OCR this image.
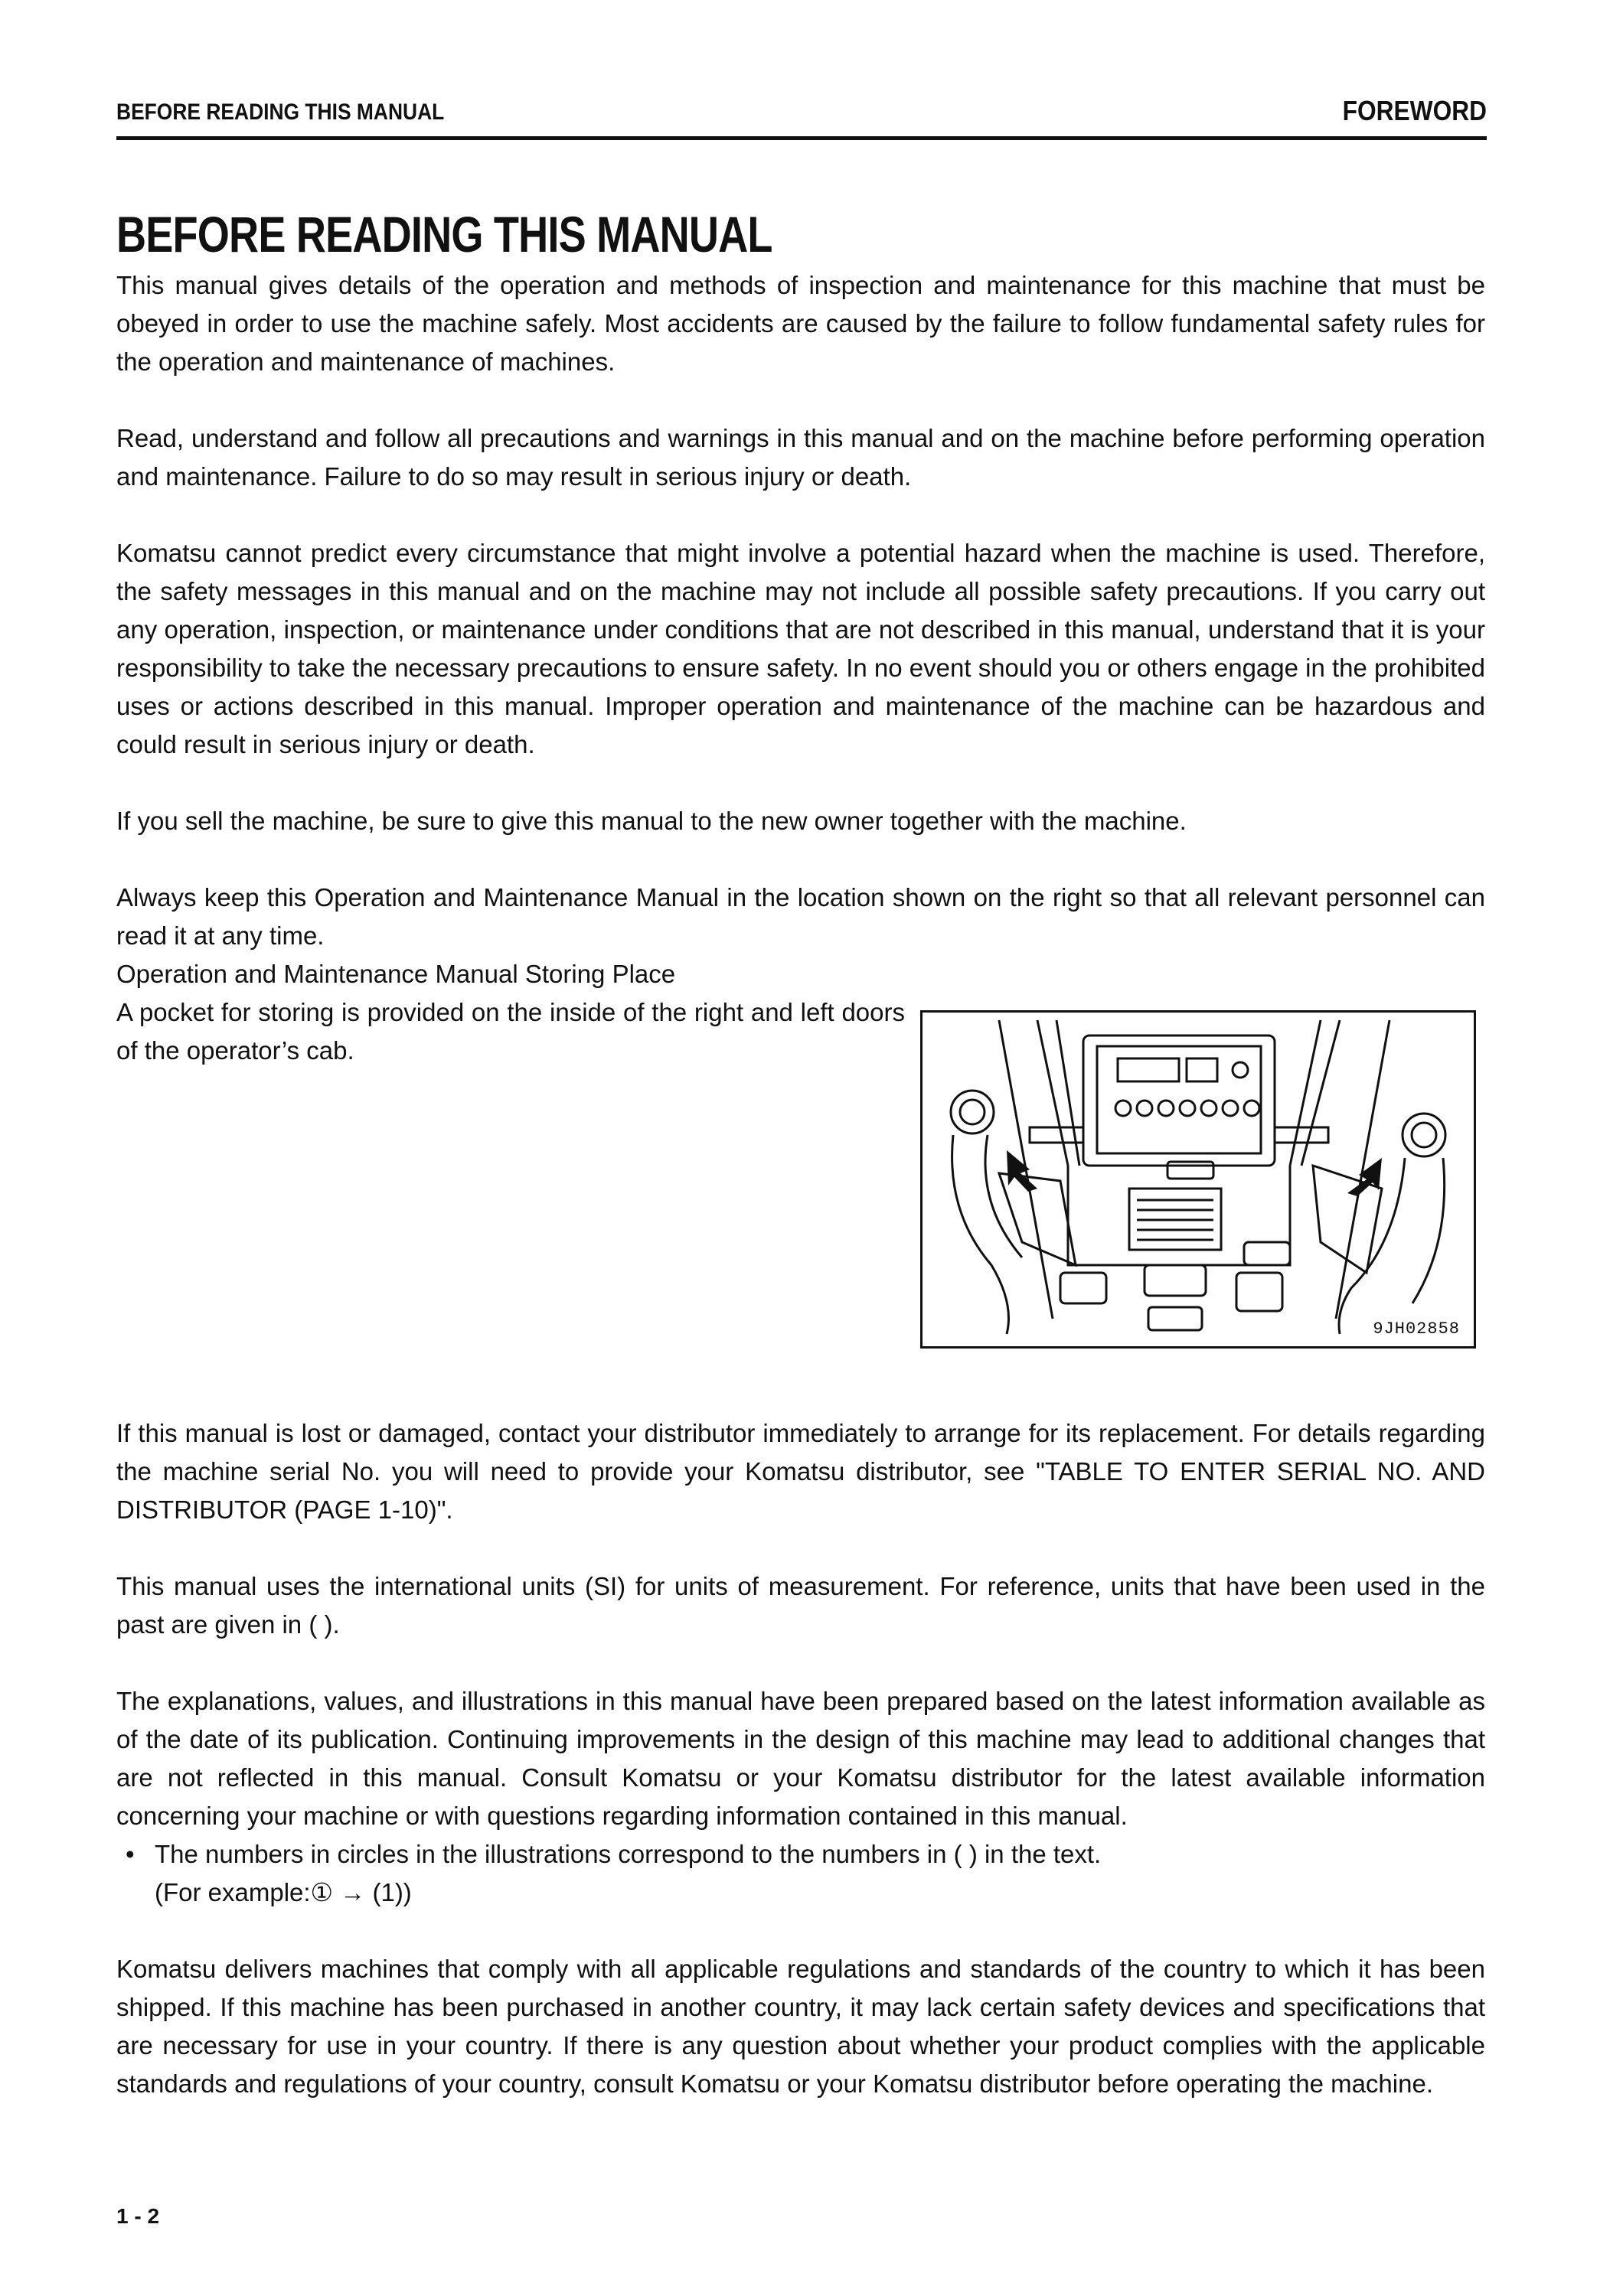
BEFORE READING THIS MANUAL	FOREWORD
BEFORE READING THIS MANUAL

This manual gives details of the operation and methods of inspection and maintenance for this machine that must be obeyed in order to use the machine safely. Most accidents are caused by the failure to follow fundamental safety rules for the operation and maintenance of machines.

Read, understand and follow all precautions and warnings in this manual and on the machine before performing operation and maintenance. Failure to do so may result in serious injury or death.

Komatsu cannot predict every circumstance that might involve a potential hazard when the machine is used. Therefore, the safety messages in this manual and on the machine may not include all possible safety precautions. If you carry out any operation, inspection, or maintenance under conditions that are not described in this manual, understand that it is your responsibility to take the necessary precautions to ensure safety. In no event should you or others engage in the prohibited uses or actions described in this manual. Improper operation and maintenance of the machine can be hazardous and could result in serious injury or death.

If you sell the machine, be sure to give this manual to the new owner together with the machine.

Always keep this Operation and Maintenance Manual in the location shown on the right so that all relevant personnel can read it at any time.

Operation and Maintenance Manual Storing Place

A pocket for storing is provided on the inside of the right and left doors of the operator’s cab.

9JH02858

If this manual is lost or damaged, contact your distributor immediately to arrange for its replacement. For details regarding the machine serial No. you will need to provide your Komatsu distributor, see "TABLE TO ENTER SERIAL NO. AND DISTRIBUTOR (PAGE 1-10)".

This manual uses the international units (SI) for units of measurement. For reference, units that have been used in the past are given in ( ).

The explanations, values, and illustrations in this manual have been prepared based on the latest information available as of the date of its publication. Continuing improvements in the design of this machine may lead to additional changes that are not reflected in this manual. Consult Komatsu or your Komatsu distributor for the latest available information concerning your machine or with questions regarding information contained in this manual.

• The numbers in circles in the illustrations correspond to the numbers in ( ) in the text.
(For example:① → (1))

Komatsu delivers machines that comply with all applicable regulations and standards of the country to which it has been shipped. If this machine has been purchased in another country, it may lack certain safety devices and specifications that are necessary for use in your country. If there is any question about whether your product complies with the applicable standards and regulations of your country, consult Komatsu or your Komatsu distributor before operating the machine.

1 - 2
